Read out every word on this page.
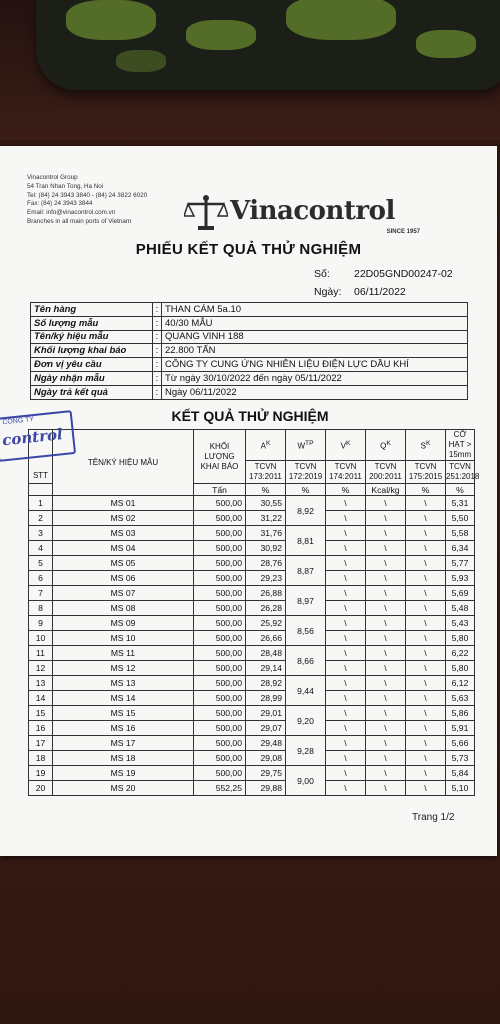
Vinacontrol Group
54 Tran Nhan Tong, Ha Noi
Tel: (84) 24 3943 3840 - (84) 24 3822 6020
Fax: (84) 24 3943 3844
Email: info@vinacontrol.com.vn
Branches in all main ports of Vietnam	Vinacontrol
SINCE 1957
PHIẾU KẾT QUẢ THỬ NGHIỆM
Số: 22D05GND00247-02
Ngày: 06/11/2022
Tên hàng	:	THAN CÁM 5a.10
Số lượng mẫu	:	40/30 MẪU
Tên/ký hiệu mẫu	:	QUANG VINH 188
Khối lượng khai báo	:	22.800 TẤN
Đơn vị yêu cầu	:	CÔNG TY CUNG ỨNG NHIÊN LIỆU ĐIỆN LỰC DẦU KHÍ
Ngày nhận mẫu	:	Từ ngày 30/10/2022 đến ngày 05/11/2022
Ngày trả kết quả	:	Ngày 06/11/2022
KẾT QUẢ THỬ NGHIỆM
STT	TÊN/KÝ HIỆU MẪU	KHỐI LƯỢNG KHAI BÁO	$A^K$	$W^{TP}$	$V^K$	$Q^K$	$S^K$	CỠ HẠT > 15mm
			TCVN 173:2011	TCVN 172:2019	TCVN 174:2011	TCVN 200:2011	TCVN 175:2015	TCVN 251:2018
		Tấn	%	%	%	Kcal/kg	%	%
1	MS 01	500,00	30,55	8,92	\	\	\	5,31
2	MS 02	500,00	31,22		\	\	\	5,50
3	MS 03	500,00	31,76	8,81	\	\	\	5,58
4	MS 04	500,00	30,92		\	\	\	6,34
5	MS 05	500,00	28,76	8,87	\	\	\	5,77
6	MS 06	500,00	29,23		\	\	\	5,93
7	MS 07	500,00	26,88	8,97	\	\	\	5,69
8	MS 08	500,00	26,28		\	\	\	5,48
9	MS 09	500,00	25,92	8,56	\	\	\	5,43
10	MS 10	500,00	26,66		\	\	\	5,80
11	MS 11	500,00	28,48	8,66	\	\	\	6,22
12	MS 12	500,00	29,14		\	\	\	5,80
13	MS 13	500,00	28,92	9,44	\	\	\	6,12
14	MS 14	500,00	28,99		\	\	\	5,63
15	MS 15	500,00	29,01	9,20	\	\	\	5,86
16	MS 16	500,00	29,07		\	\	\	5,91
17	MS 17	500,00	29,48	9,28	\	\	\	5,66
18	MS 18	500,00	29,08		\	\	\	5,73
19	MS 19	500,00	29,75	9,00	\	\	\	5,84
20	MS 20	552,25	29,88		\	\	\	5,10
Trang 1/2
CÔNG TY
control
